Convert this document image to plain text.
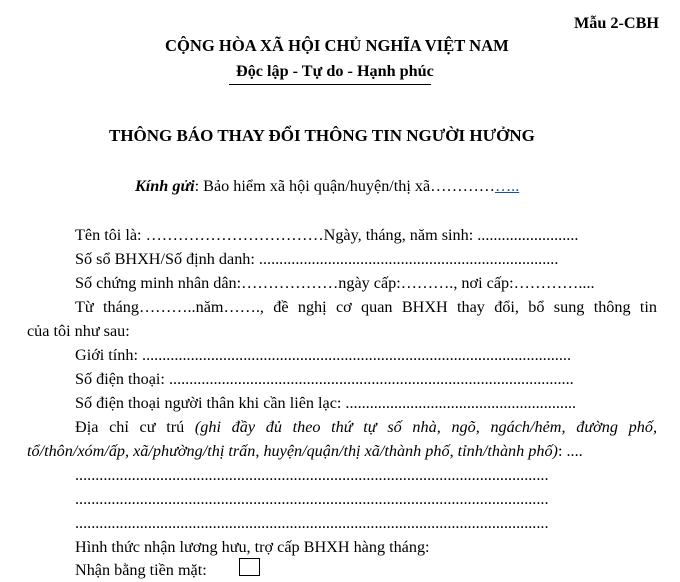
Mẫu 2-CBH
CỘNG HÒA XÃ HỘI CHỦ NGHĨA VIỆT NAM
Độc lập - Tự do - Hạnh phúc
THÔNG BÁO THAY ĐỔI THÔNG TIN NGƯỜI HƯỞNG
Kính gửi: Bảo hiểm xã hội quận/huyện/thị xã……………..
Tên tôi là: ……………………………Ngày, tháng, năm sinh: .........................
Số sổ BHXH/Số định danh: ..........................................................................
Số chứng minh nhân dân:………………ngày cấp:………., nơi cấp:…………....
Từ tháng………..năm……., đề nghị cơ quan BHXH thay đổi, bổ sung thông tin
của tôi như sau:
Giới tính: ..........................................................................................................
Số điện thoại: ....................................................................................................
Số điện thoại người thân khi cần liên lạc: .........................................................
Địa chỉ cư trú (ghi đầy đủ theo thứ tự số nhà, ngõ, ngách/hẻm, đường phố,
tổ/thôn/xóm/ấp, xã/phường/thị trấn, huyện/quận/thị xã/thành phố, tỉnh/thành phố): ....
.....................................................................................................................
.....................................................................................................................
.....................................................................................................................
Hình thức nhận lương hưu, trợ cấp BHXH hàng tháng:
Nhận bằng tiền mặt:
